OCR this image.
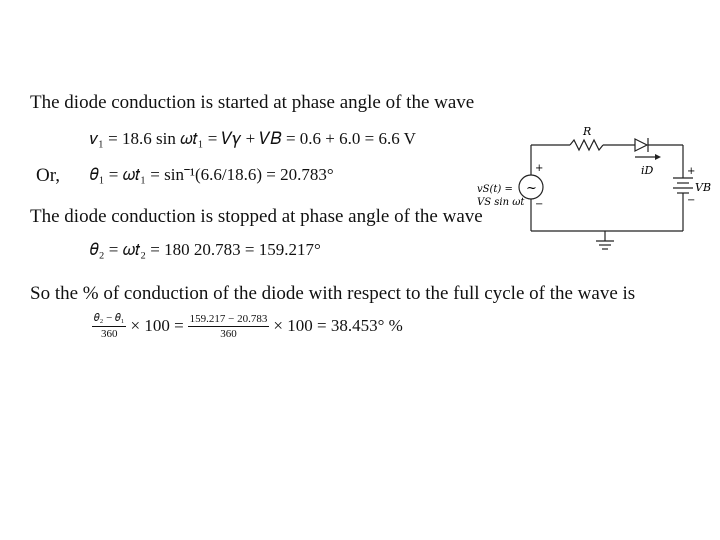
The diode conduction is started at phase angle of the wave
𝑣₁ = 18.6 sin 𝜔𝑡₁ = 𝑉𝛾 + 𝑉𝐵 = 0.6 + 6.0 = 6.6 V
Or, 𝜃₁ = 𝜔𝑡₁ = sin⁻¹(6.6/18.6) = 20.783°
The diode conduction is stopped at phase angle of the wave
𝜃₂ = 𝜔𝑡₂ = 180 20.783 = 159.217°
So the % of conduction of the diode with respect to the full cycle of the wave is
$\frac{\text{𝜃₂ − 𝜃₁}}{360} \times 100 = \frac{159.217 - 20.783}{360} \times 100 = 38.453^\circ$ %
R
iD
VB
+
−
~
+
−
vS(t) =
VS sin ωt
